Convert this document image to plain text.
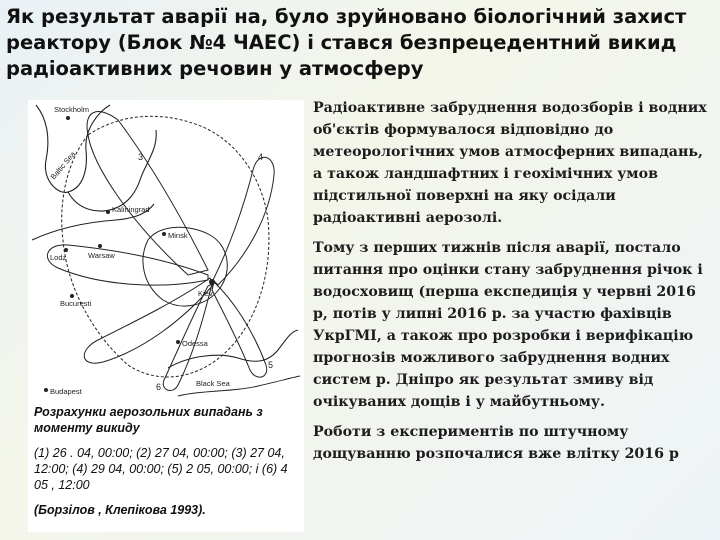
Як результат аварії на, було зруйновано біологічний захист
реактору (Блок №4 ЧАЕС) і стався безпрецедентний викид
радіоактивних речовин у атмосферу
Stockholm
Baltic Sea
Kaliningrad
Lodz	Warsaw
Minsk
Kiev
Bucuresti
Budapest
Odessa
Black Sea
3	4
5
6

Розрахунки аерозольних випадань з моменту викиду

(1) 26 . 04, 00:00; (2) 27 04, 00:00; (3) 27 04, 12:00; (4) 29 04, 00:00; (5) 2 05, 00:00; і (6) 4 05 , 12:00

(Борзілов , Клепікова 1993).

Радіоактивне забруднення водозборів і водних об'єктів формувалося відповідно до метеорологічних умов атмосферних випадань, а також ландшафтних і геохімічних умов підстильної поверхні на яку осідали радіоактивні аерозолі.

Тому з перших тижнів після аварії, постало питання про оцінки стану забруднення річок і водосховищ (перша експедиція у червні 2016 р, потів у липні 2016 р. за участю фахівців УкрГМІ, а також про розробки і верифікацію прогнозів можливого забруднення водних систем р. Дніпро як результат змиву від очікуваних дощів і у майбутньому.

Роботи з експериментів по штучному дощуванню розпочалися вже влітку 2016 р
